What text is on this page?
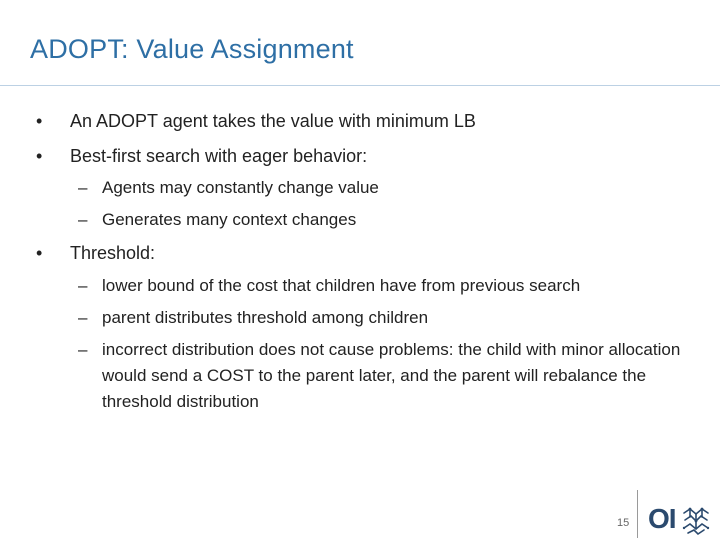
ADOPT: Value Assignment
• An ADOPT agent takes the value with minimum LB
• Best-first search with eager behavior:
– Agents may constantly change value
– Generates many context changes
• Threshold:
– lower bound of the cost that children have from previous search
– parent distributes threshold among children
– incorrect distribution does not cause problems: the child with minor allocation would send a COST to the parent later, and the parent will rebalance the threshold distribution
15 OI
